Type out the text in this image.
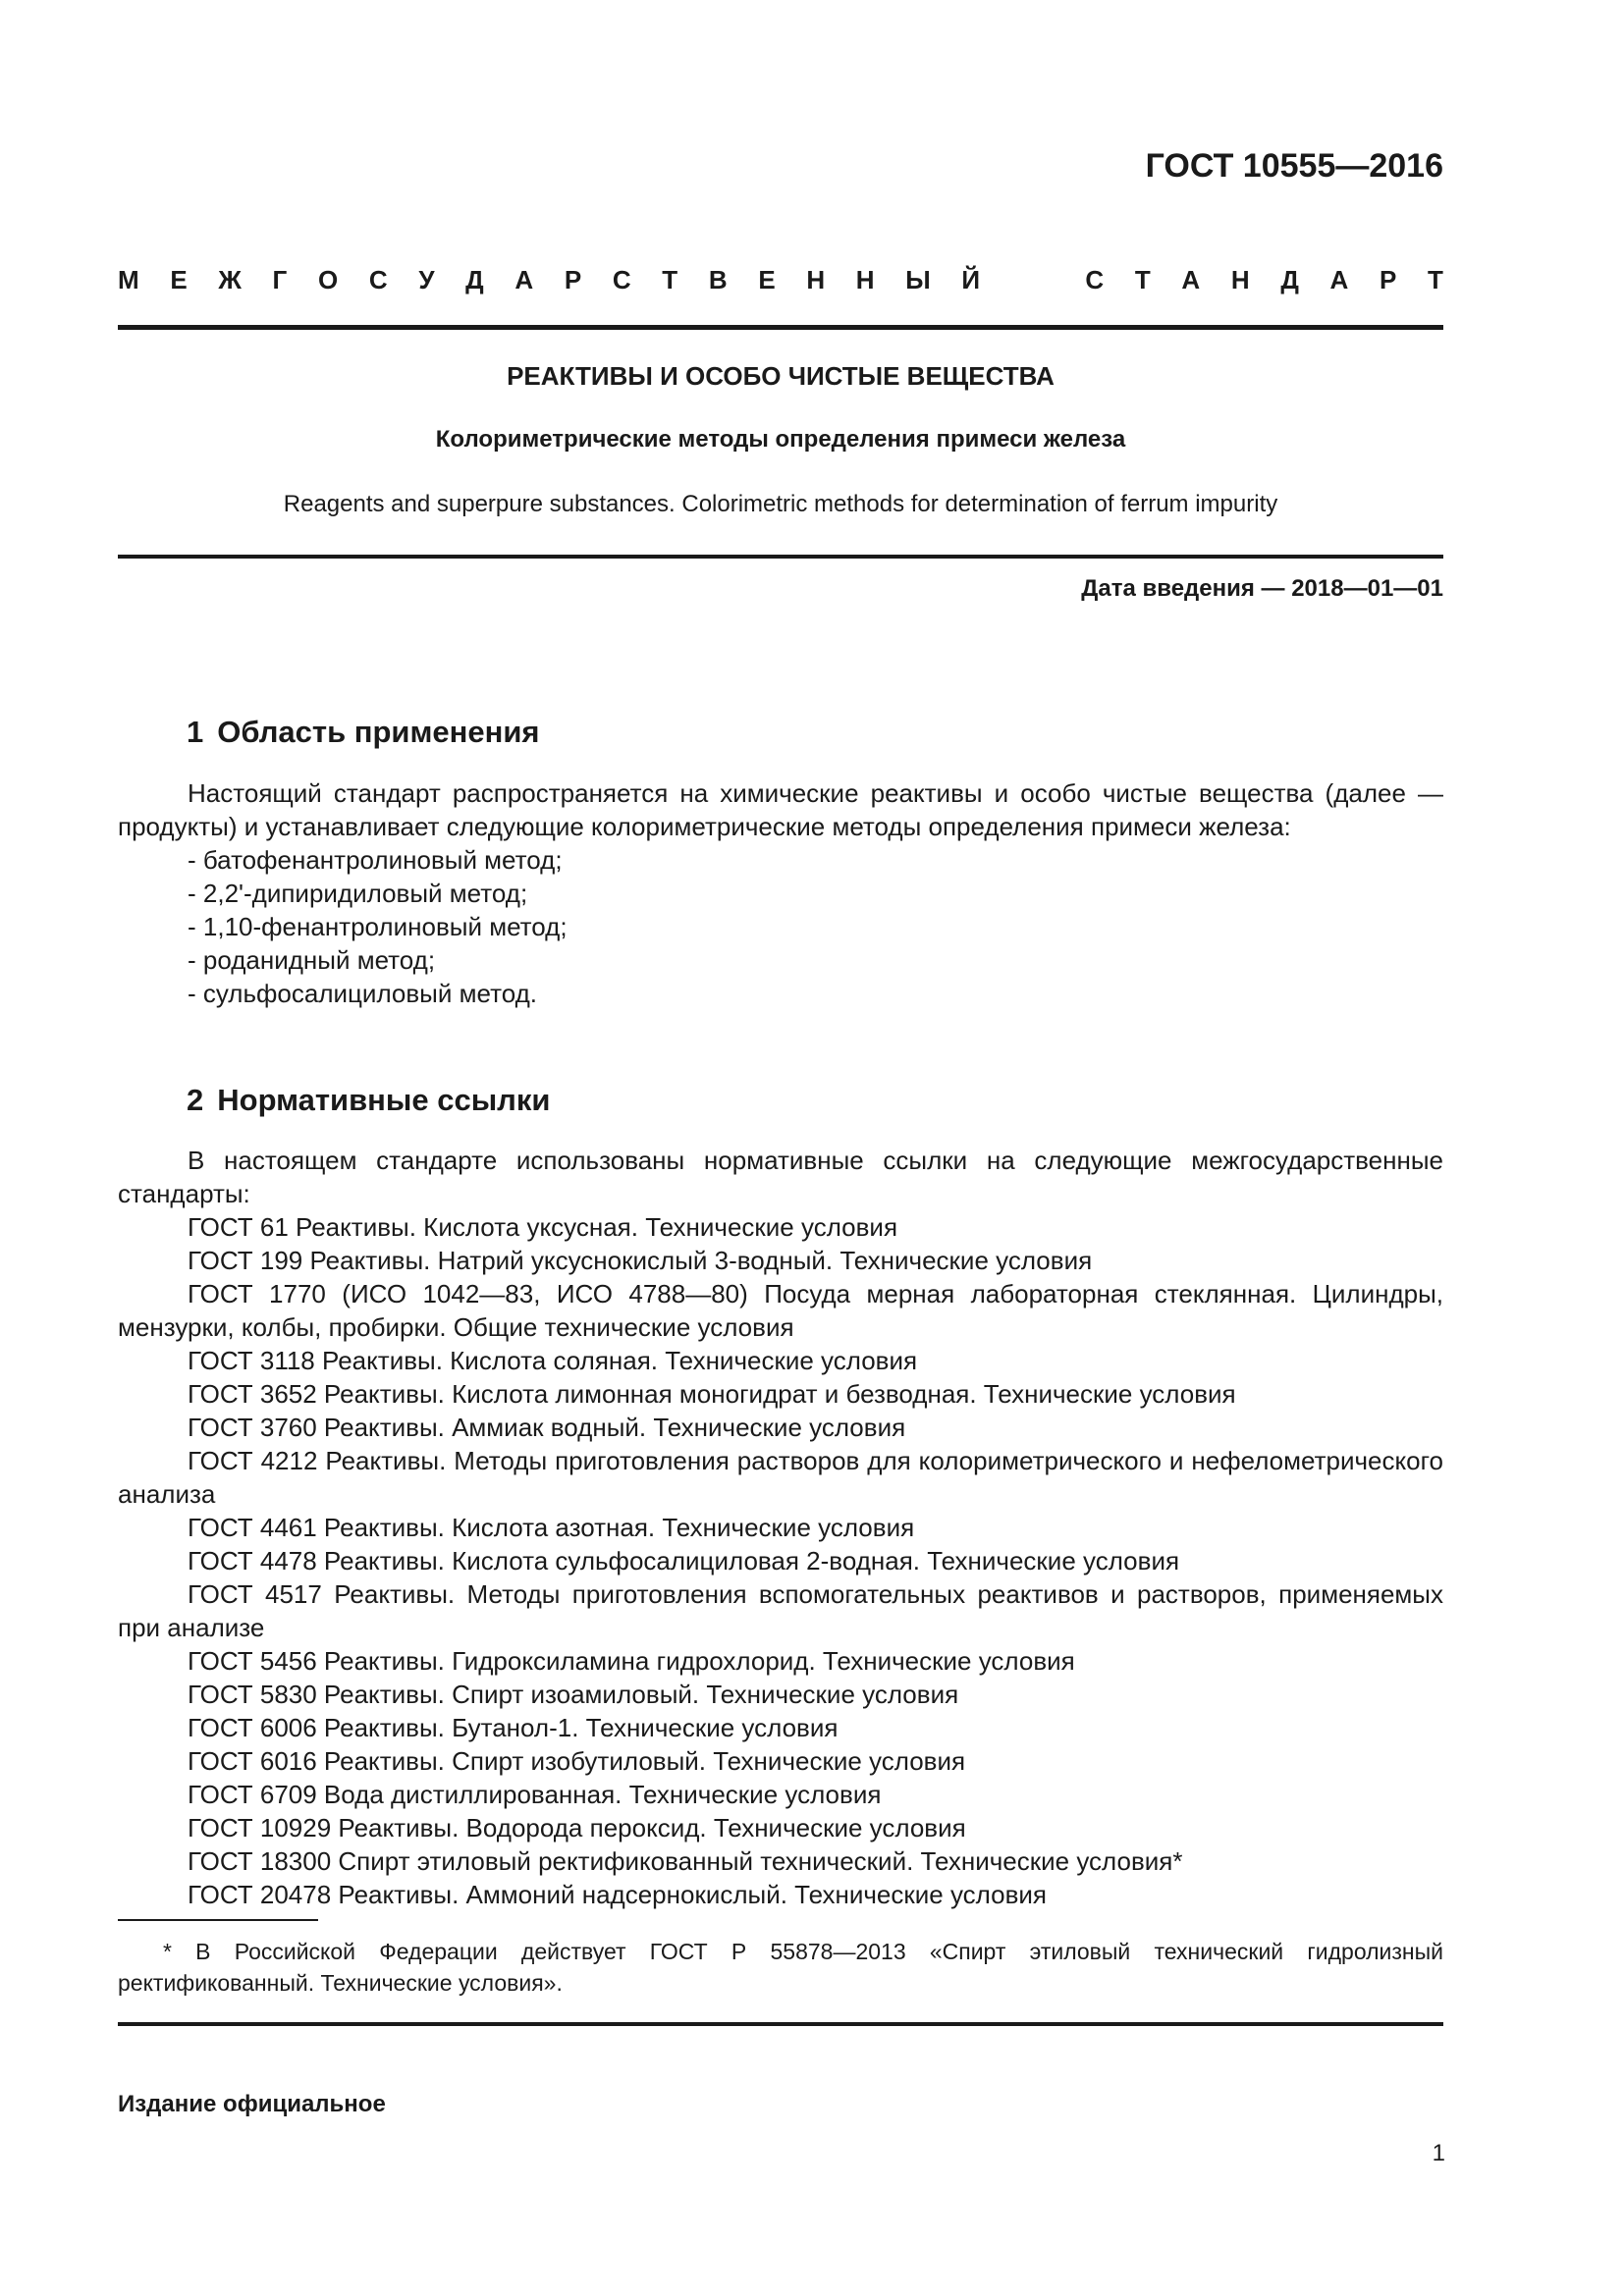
ГОСТ 10555—2016
М Е Ж Г О С У Д А Р С Т В Е Н Н Ы Й	С Т А Н Д А Р Т
РЕАКТИВЫ И ОСОБО ЧИСТЫЕ ВЕЩЕСТВА
Колориметрические методы определения примеси железа
Reagents and superpure substances. Colorimetric methods for determination of ferrum impurity
Дата введения — 2018—01—01
1 Область применения

Настоящий стандарт распространяется на химические реактивы и особо чистые вещества (далее — продукты) и устанавливает следующие колориметрические методы определения примеси железа:

- батофенантролиновый метод;

- 2,2'-дипиридиловый метод;

- 1,10-фенантролиновый метод;

- роданидный метод;

- сульфосалициловый метод.

2 Нормативные ссылки

В настоящем стандарте использованы нормативные ссылки на следующие межгосударственные стандарты:

ГОСТ 61 Реактивы. Кислота уксусная. Технические условия

ГОСТ 199 Реактивы. Натрий уксуснокислый 3-водный. Технические условия

ГОСТ 1770 (ИСО 1042—83, ИСО 4788—80) Посуда мерная лабораторная стеклянная. Цилиндры, мензурки, колбы, пробирки. Общие технические условия

ГОСТ 3118 Реактивы. Кислота соляная. Технические условия

ГОСТ 3652 Реактивы. Кислота лимонная моногидрат и безводная. Технические условия

ГОСТ 3760 Реактивы. Аммиак водный. Технические условия

ГОСТ 4212 Реактивы. Методы приготовления растворов для колориметрического и нефелометрического анализа

ГОСТ 4461 Реактивы. Кислота азотная. Технические условия

ГОСТ 4478 Реактивы. Кислота сульфосалициловая 2-водная. Технические условия

ГОСТ 4517 Реактивы. Методы приготовления вспомогательных реактивов и растворов, применяемых при анализе

ГОСТ 5456 Реактивы. Гидроксиламина гидрохлорид. Технические условия

ГОСТ 5830 Реактивы. Спирт изоамиловый. Технические условия

ГОСТ 6006 Реактивы. Бутанол-1. Технические условия

ГОСТ 6016 Реактивы. Спирт изобутиловый. Технические условия

ГОСТ 6709 Вода дистиллированная. Технические условия

ГОСТ 10929 Реактивы. Водорода пероксид. Технические условия

ГОСТ 18300 Спирт этиловый ректификованный технический. Технические условия*

ГОСТ 20478 Реактивы. Аммоний надсернокислый. Технические условия

* В Российской Федерации действует ГОСТ Р 55878—2013 «Спирт этиловый технический гидролизный ректификованный. Технические условия».
Издание официальное
1
